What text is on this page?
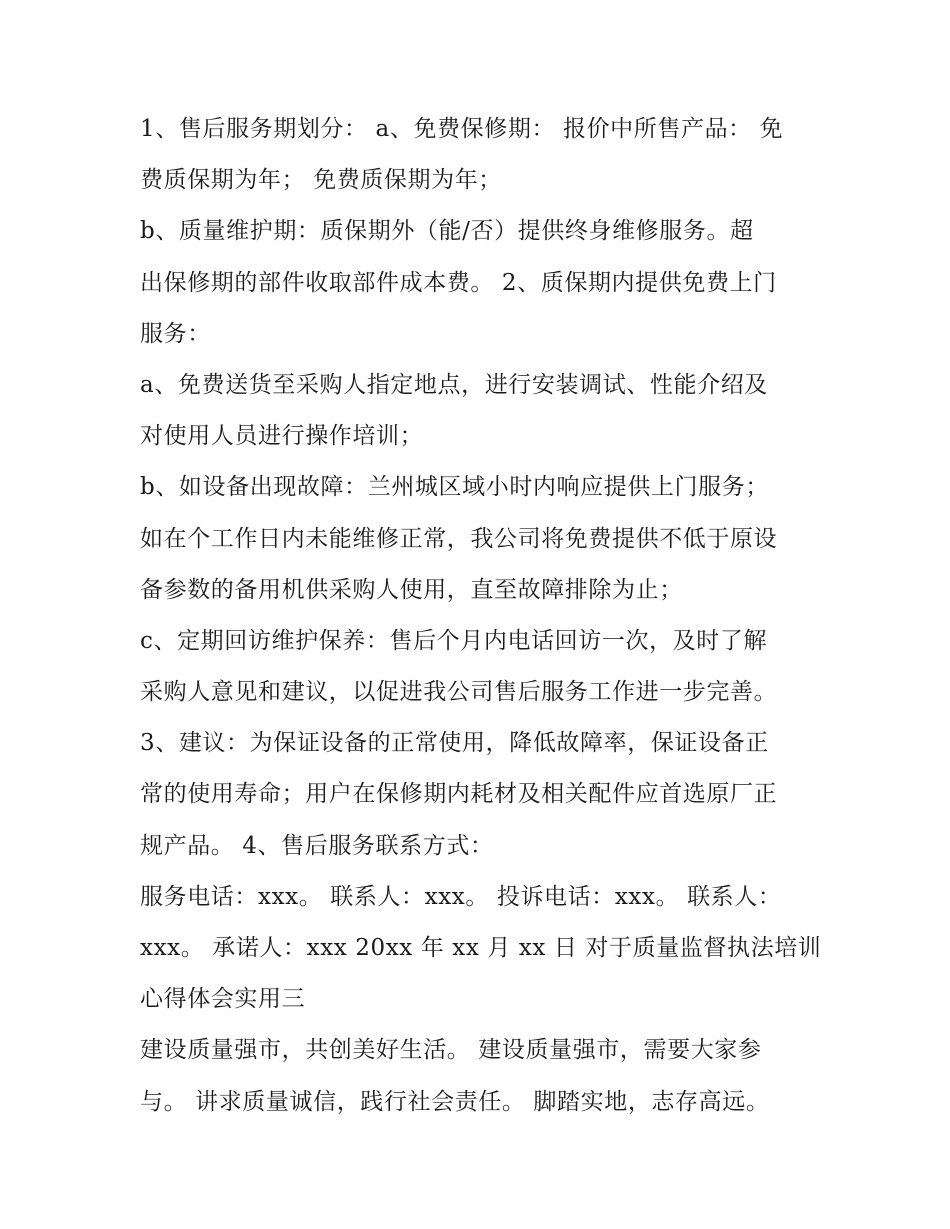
1、售后服务期划分： a、免费保修期： 报价中所售产品： 免
费质保期为年； 免费质保期为年；
b、质量维护期：质保期外（能/否）提供终身维修服务。超
出保修期的部件收取部件成本费。 2、质保期内提供免费上门
服务：
a、免费送货至采购人指定地点，进行安装调试、性能介绍及
对使用人员进行操作培训；
b、如设备出现故障：兰州城区域小时内响应提供上门服务；
如在个工作日内未能维修正常，我公司将免费提供不低于原设
备参数的备用机供采购人使用，直至故障排除为止；
c、定期回访维护保养：售后个月内电话回访一次，及时了解
采购人意见和建议，以促进我公司售后服务工作进一步完善。
3、建议：为保证设备的正常使用，降低故障率，保证设备正
常的使用寿命；用户在保修期内耗材及相关配件应首选原厂正
规产品。 4、售后服务联系方式：
服务电话：xxx。 联系人：xxx。 投诉电话：xxx。 联系人：
xxx。 承诺人：xxx 20xx 年 xx 月 xx 日 对于质量监督执法培训
心得体会实用三
建设质量强市，共创美好生活。 建设质量强市，需要大家参
与。 讲求质量诚信，践行社会责任。 脚踏实地，志存高远。
